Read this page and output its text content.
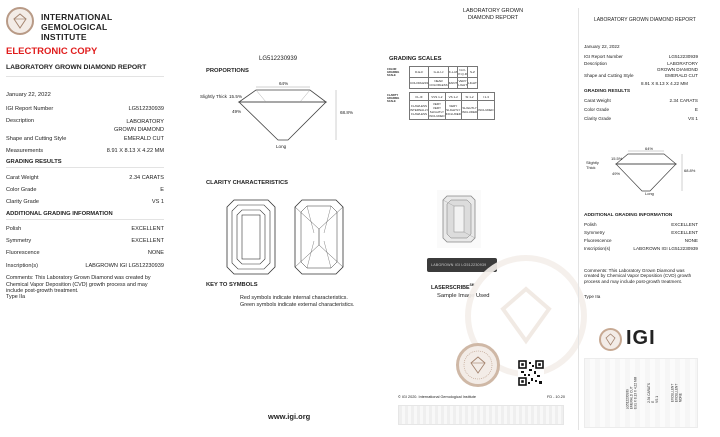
INTERNATIONAL
GEMOLOGICAL
INSTITUTE
ELECTRONIC COPY
LABORATORY GROWN DIAMOND REPORT
January 22, 2022
IGI Report Number	LG512230939
Description	LABORATORY GROWN DIAMOND
Shape and Cutting Style	EMERALD CUT
Measurements	8.91 X 8.13 X 4.22 MM
GRADING RESULTS
Carat Weight	2.34 CARATS
Color Grade	E
Clarity Grade	VS 1
ADDITIONAL GRADING INFORMATION
Polish	EXCELLENT
Symmetry	EXCELLENT
Fluorescence	NONE
Inscription(s)	LABGROWN IGI LG512230939
Comments: This Laboratory Grown Diamond was created by Chemical Vapor Deposition (CVD) growth process and may include post-growth treatment.
Type IIa
LG512230939
PROPORTIONS
64%
Slightly Thick 15.5%
49%	68.8%
Long
CLARITY CHARACTERISTICS
KEY TO SYMBOLS
Red symbols indicate internal characteristics.
Green symbols indicate external characteristics.
www.igi.org
LABORATORY GROWN
DIAMOND REPORT
GRADING SCALES
COLOR GRADING SCALE
D-E-F	G-H-I-J	K-L-M	N-O-P-Q-R	S-Z
COLORLESS	NEAR COLORLESS	FAINT	VERY LIGHT	LIGHT
CLARITY GRADING SCALE
FL-IF	VVS 1-2	VS 1-2	SI 1-2	I 1-3
FLAWLESS INTERNALLY FLAWLESS	VERY VERY SLIGHTLY INCLUDED	VERY SLIGHTLY INCLUDED	SLIGHTLY INCLUDED	INCLUDED
LABGROWN IGI LG512230939
LASERSCRIBE℠
Sample Image Used
© IGI 2020. International Gemological Institute	FD - 10.20
LABORATORY GROWN DIAMOND REPORT
January 22, 2022
IGI Report Number	LG512230939
Description	LABORATORY GROWN DIAMOND
Shape and Cutting Style	EMERALD CUT
8.91 X 8.13 X 4.22 MM
GRADING RESULTS
Carat Weight	2.34 CARATS
Color Grade	E
Clarity Grade	VS 1
64%
15.5%
Slightly Thick
49%
68.8%
Long
ADDITIONAL GRADING INFORMATION
Polish	EXCELLENT
Symmetry	EXCELLENT
Fluorescence	NONE
Inscription(s)	LABGROWN IGI LG512230939
Comments: This Laboratory Grown Diamond was created by Chemical Vapor Deposition (CVD) growth process and may include post-growth treatment.
Type IIa
IGI
LG512230939 EMERALD CUT 8.91 X 8.13 X 4.22 MM	2.34 CARATS E VS 1	EXCELLENT EXCELLENT NONE
